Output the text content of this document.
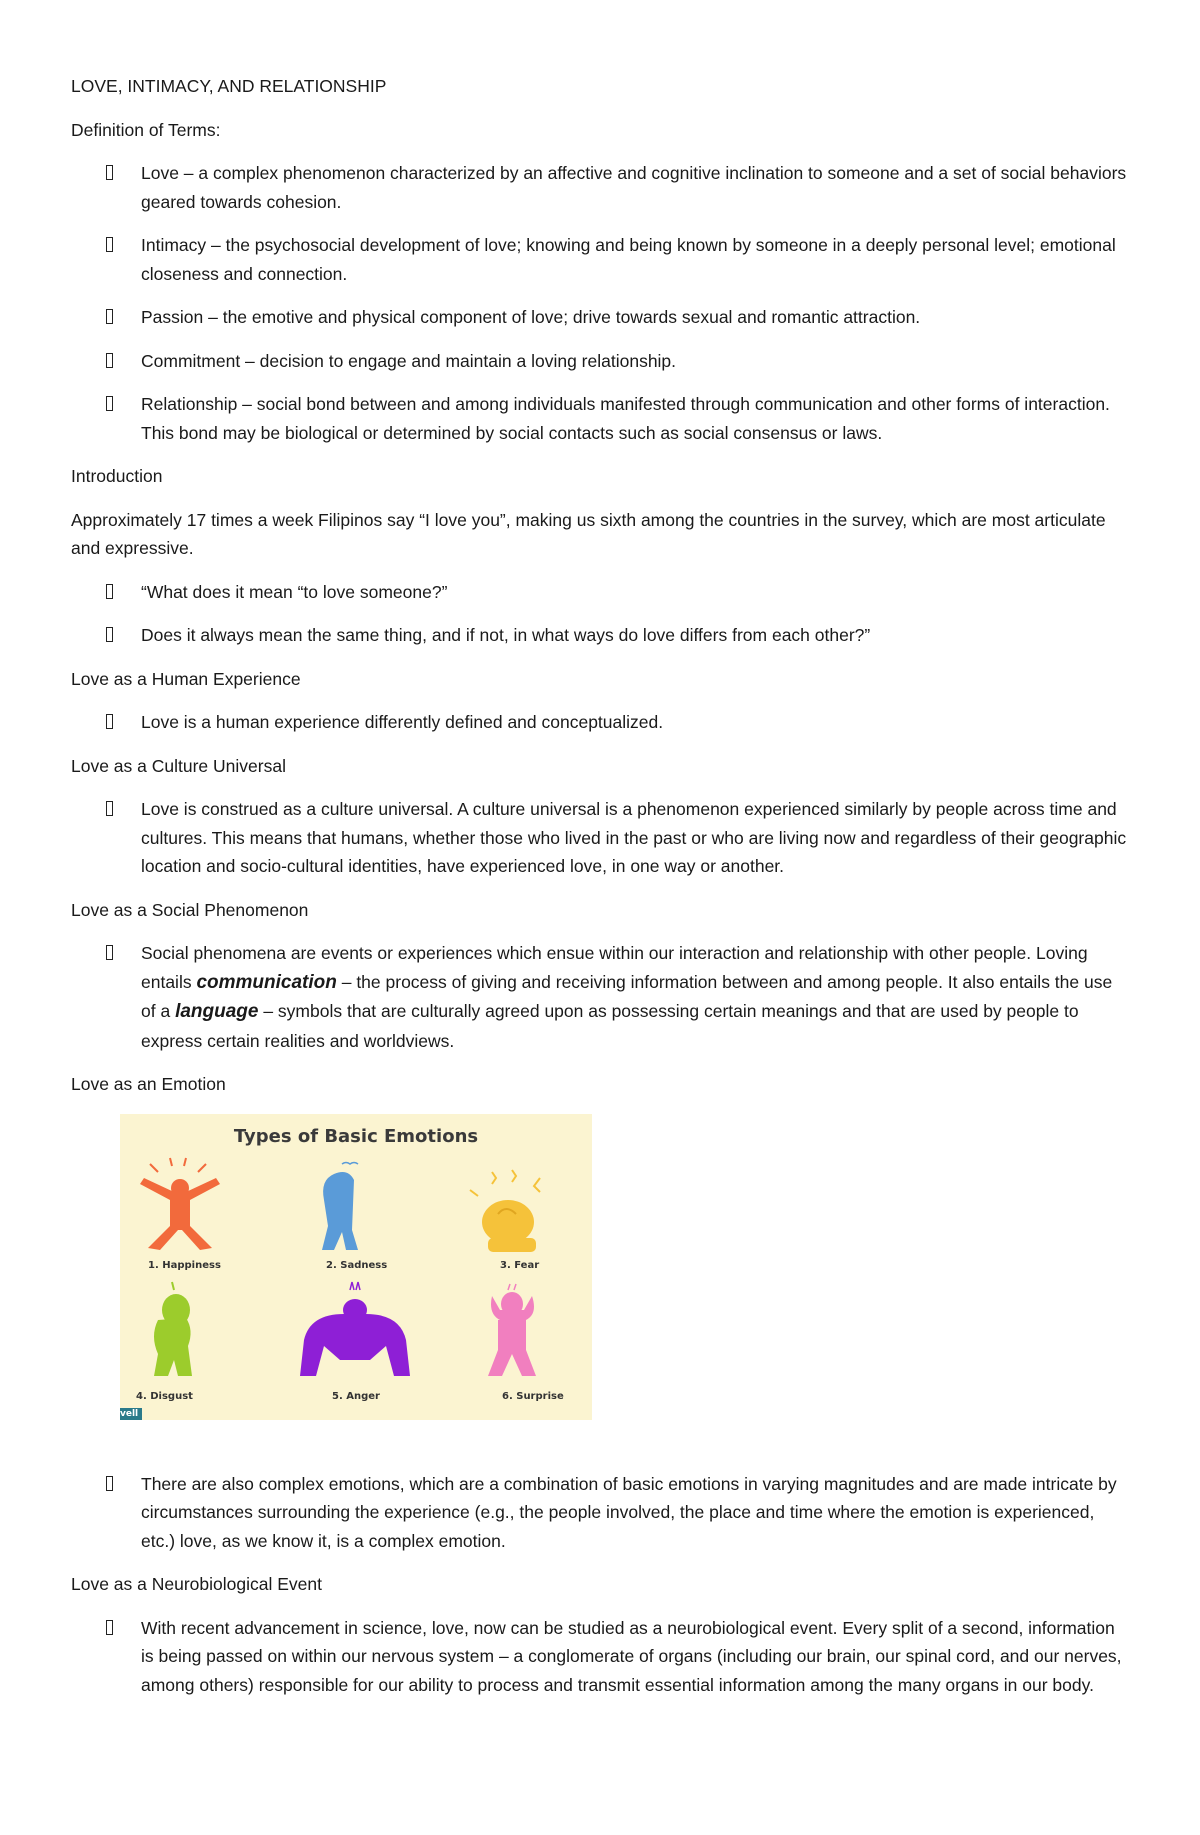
LOVE, INTIMACY, AND RELATIONSHIP

Definition of Terms:

Love – a complex phenomenon characterized by an affective and cognitive inclination to someone and a set of social behaviors geared towards cohesion.
Intimacy – the psychosocial development of love; knowing and being known by someone in a deeply personal level; emotional closeness and connection.
Passion – the emotive and physical component of love; drive towards sexual and romantic attraction.
Commitment – decision to engage and maintain a loving relationship.
Relationship – social bond between and among individuals manifested through communication and other forms of interaction. This bond may be biological or determined by social contacts such as social consensus or laws.

Introduction

Approximately 17 times a week Filipinos say “I love you”, making us sixth among the countries in the survey, which are most articulate and expressive.

“What does it mean “to love someone?”
Does it always mean the same thing, and if not, in what ways do love differs from each other?”

Love as a Human Experience

Love is a human experience differently defined and conceptualized.

Love as a Culture Universal

Love is construed as a culture universal. A culture universal is a phenomenon experienced similarly by people across time and cultures. This means that humans, whether those who lived in the past or who are living now and regardless of their geographic location and socio-cultural identities, have experienced love, in one way or another.

Love as a Social Phenomenon

Social phenomena are events or experiences which ensue within our interaction and relationship with other people. Loving entails communication – the process of giving and receiving information between and among people. It also entails the use of a language – symbols that are culturally agreed upon as possessing certain meanings and that are used by people to express certain realities and worldviews.

Love as an Emotion

Types of Basic Emotions
1. Happiness	2. Sadness	3. Fear
4. Disgust	5. Anger	6. Surprise
vell
There are also complex emotions, which are a combination of basic emotions in varying magnitudes and are made intricate by circumstances surrounding the experience (e.g., the people involved, the place and time where the emotion is experienced, etc.) love, as we know it, is a complex emotion.

Love as a Neurobiological Event

With recent advancement in science, love, now can be studied as a neurobiological event. Every split of a second, information is being passed on within our nervous system – a conglomerate of organs (including our brain, our spinal cord, and our nerves, among others) responsible for our ability to process and transmit essential information among the many organs in our body.
